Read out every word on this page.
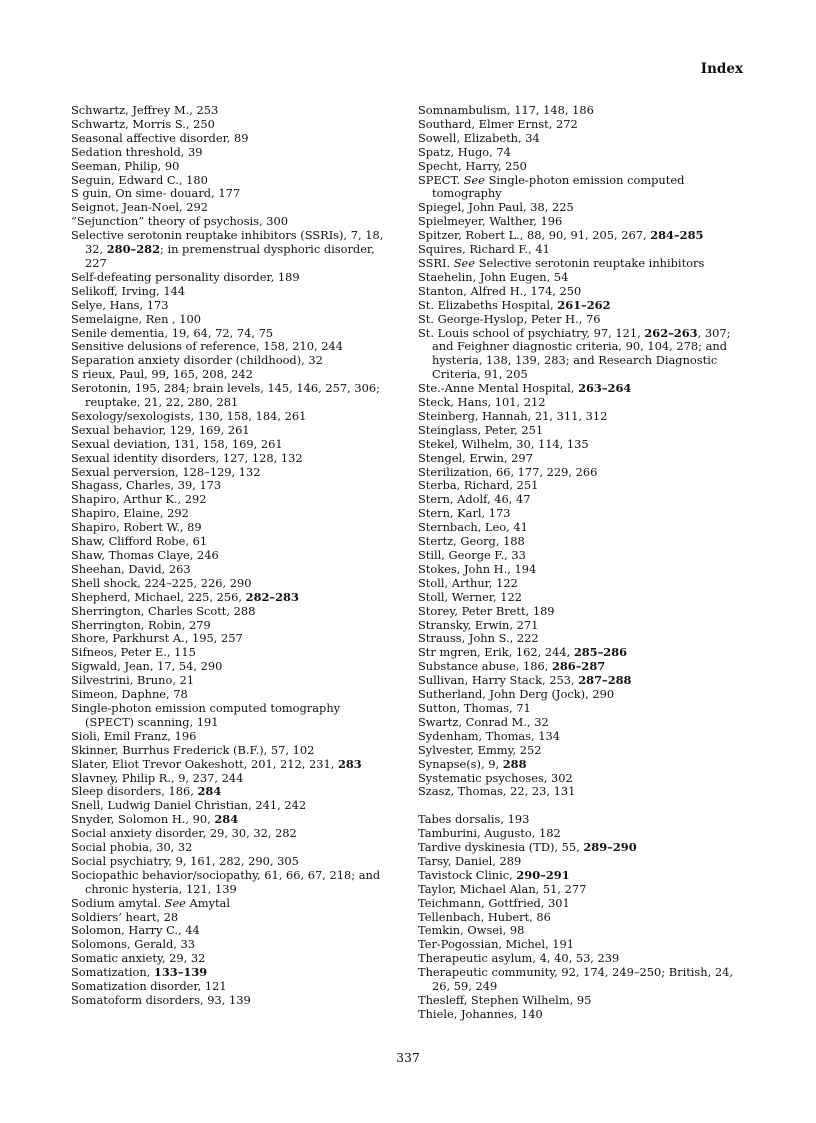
Index
Schwartz, Jeffrey M., 253
Schwartz, Morris S., 250
Seasonal affective disorder, 89
Sedation threshold, 39
Seeman, Philip, 90
Seguin, Edward C., 180
S guin, On sime- douard, 177
Seignot, Jean-Noel, 292
“Sejunction” theory of psychosis, 300
Selective serotonin reuptake inhibitors (SSRIs), 7, 18, 32, 280–282; in premenstrual dysphoric disorder, 227
Self-defeating personality disorder, 189
Selikoff, Irving, 144
Selye, Hans, 173
Semelaigne, Ren , 100
Senile dementia, 19, 64, 72, 74, 75
Sensitive delusions of reference, 158, 210, 244
Separation anxiety disorder (childhood), 32
S rieux, Paul, 99, 165, 208, 242
Serotonin, 195, 284; brain levels, 145, 146, 257, 306; reuptake, 21, 22, 280, 281
Sexology/sexologists, 130, 158, 184, 261
Sexual behavior, 129, 169, 261
Sexual deviation, 131, 158, 169, 261
Sexual identity disorders, 127, 128, 132
Sexual perversion, 128–129, 132
Shagass, Charles, 39, 173
Shapiro, Arthur K., 292
Shapiro, Elaine, 292
Shapiro, Robert W., 89
Shaw, Clifford Robe, 61
Shaw, Thomas Claye, 246
Sheehan, David, 263
Shell shock, 224–225, 226, 290
Shepherd, Michael, 225, 256, 282–283
Sherrington, Charles Scott, 288
Sherrington, Robin, 279
Shore, Parkhurst A., 195, 257
Sifneos, Peter E., 115
Sigwald, Jean, 17, 54, 290
Silvestrini, Bruno, 21
Simeon, Daphne, 78
Single-photon emission computed tomography (SPECT) scanning, 191
Sioli, Emil Franz, 196
Skinner, Burrhus Frederick (B.F.), 57, 102
Slater, Eliot Trevor Oakeshott, 201, 212, 231, 283
Slavney, Philip R., 9, 237, 244
Sleep disorders, 186, 284
Snell, Ludwig Daniel Christian, 241, 242
Snyder, Solomon H., 90, 284
Social anxiety disorder, 29, 30, 32, 282
Social phobia, 30, 32
Social psychiatry, 9, 161, 282, 290, 305
Sociopathic behavior/sociopathy, 61, 66, 67, 218; and chronic hysteria, 121, 139
Sodium amytal. See Amytal
Soldiers’ heart, 28
Solomon, Harry C., 44
Solomons, Gerald, 33
Somatic anxiety, 29, 32
Somatization, 133–139
Somatization disorder, 121
Somatoform disorders, 93, 139
Somnambulism, 117, 148, 186
Southard, Elmer Ernst, 272
Sowell, Elizabeth, 34
Spatz, Hugo, 74
Specht, Harry, 250
SPECT. See Single-photon emission computed tomography
Spiegel, John Paul, 38, 225
Spielmeyer, Walther, 196
Spitzer, Robert L., 88, 90, 91, 205, 267, 284–285
Squires, Richard F., 41
SSRI. See Selective serotonin reuptake inhibitors
Staehelin, John Eugen, 54
Stanton, Alfred H., 174, 250
St. Elizabeths Hospital, 261–262
St. George-Hyslop, Peter H., 76
St. Louis school of psychiatry, 97, 121, 262–263, 307; and Feighner diagnostic criteria, 90, 104, 278; and hysteria, 138, 139, 283; and Research Diagnostic Criteria, 91, 205
Ste.-Anne Mental Hospital, 263–264
Steck, Hans, 101, 212
Steinberg, Hannah, 21, 311, 312
Steinglass, Peter, 251
Stekel, Wilhelm, 30, 114, 135
Stengel, Erwin, 297
Sterilization, 66, 177, 229, 266
Sterba, Richard, 251
Stern, Adolf, 46, 47
Stern, Karl, 173
Sternbach, Leo, 41
Stertz, Georg, 188
Still, George F., 33
Stokes, John H., 194
Stoll, Arthur, 122
Stoll, Werner, 122
Storey, Peter Brett, 189
Stransky, Erwin, 271
Strauss, John S., 222
Str mgren, Erik, 162, 244, 285–286
Substance abuse, 186, 286–287
Sullivan, Harry Stack, 253, 287–288
Sutherland, John Derg (Jock), 290
Sutton, Thomas, 71
Swartz, Conrad M., 32
Sydenham, Thomas, 134
Sylvester, Emmy, 252
Synapse(s), 9, 288
Systematic psychoses, 302
Szasz, Thomas, 22, 23, 131
Tabes dorsalis, 193
Tamburini, Augusto, 182
Tardive dyskinesia (TD), 55, 289–290
Tarsy, Daniel, 289
Tavistock Clinic, 290–291
Taylor, Michael Alan, 51, 277
Teichmann, Gottfried, 301
Tellenbach, Hubert, 86
Temkin, Owsei, 98
Ter-Pogossian, Michel, 191
Therapeutic asylum, 4, 40, 53, 239
Therapeutic community, 92, 174, 249–250; British, 24, 26, 59, 249
Thesleff, Stephen Wilhelm, 95
Thiele, Johannes, 140
337
